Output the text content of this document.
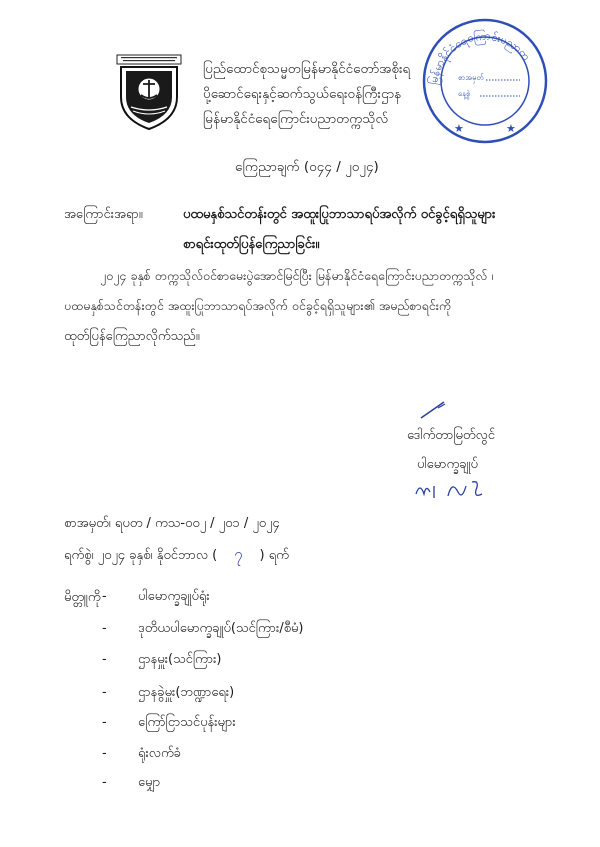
ပြည်ထောင်စုသမ္မတမြန်မာနိုင်ငံတော်အစိုးရ
ပို့ဆောင်ရေးနှင့်ဆက်သွယ်ရေးဝန်ကြီးဌာန
မြန်မာနိုင်ငံရေကြောင်းပညာတက္ကသိုလ်
မြန်မာနိုင်ငံရေကြောင်းပညာတ
စာအမှတ်
နေ့စွဲ
★	★
ကြေညာချက် (၀၄၄ / ၂၀၂၄)
အကြောင်းအရာ။	ပထမနှစ်သင်တန်းတွင် အထူးပြုဘာသာရပ်အလိုက် ဝင်ခွင့်ရရှိသူများ
စာရင်းထုတ်ပြန်ကြေညာခြင်း။
၂၀၂၄ ခုနှစ် တက္ကသိုလ်ဝင်စာမေးပွဲအောင်မြင်ပြီး မြန်မာနိုင်ငံရေကြောင်းပညာတက္ကသိုလ် ၊
ပထမနှစ်သင်တန်းတွင် အထူးပြုဘာသာရပ်အလိုက် ဝင်ခွင့်ရရှိသူများ၏ အမည်စာရင်းကို
ထုတ်ပြန်ကြေညာလိုက်သည်။
ဒေါက်တာမြတ်လွင်
ပါမောက္ခချုပ်
စာအမှတ်၊ ရပတ / ကသ-၀၀၂ / ၂၀၁ / ၂၀၂၄
ရက်စွဲ၊ ၂၀၂၄ ခုနှစ်၊ နိုဝင်ဘာလ ( ၇ ) ရက်
မိတ္တူကို - ပါမောက္ခချုပ်ရုံး
- ဒုတိယပါမောက္ခချုပ်(သင်ကြား/စီမံ)
- ဌာနမှူး(သင်ကြား)
- ဌာနခွဲမှူး(ဘဏ္ဍာရေး)
- ကြော်ငြာသင်ပုန်းများ
- ရုံးလက်ခံ
- မျှော
